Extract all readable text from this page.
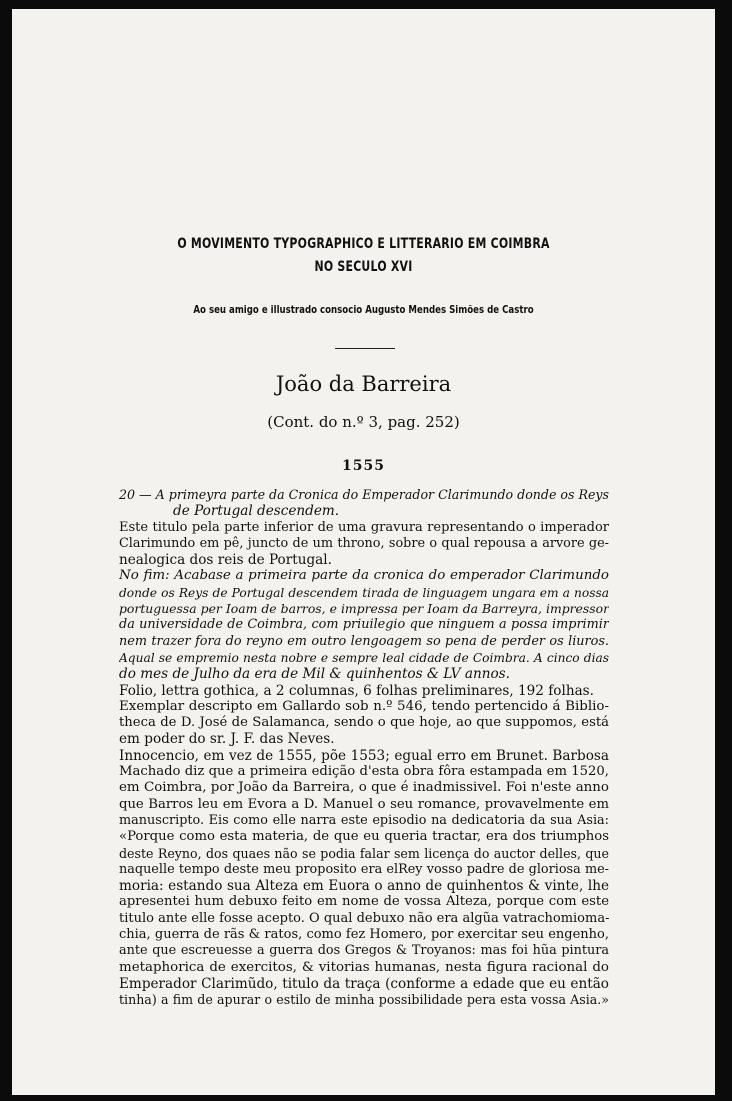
O MOVIMENTO TYPOGRAPHICO E LITTERARIO EM COIMBRA
NO SECULO XVI
Ao seu amigo e illustrado consocio Augusto Mendes Simões de Castro
João da Barreira
(Cont. do n.º 3, pag. 252)
1555
20 — A primeyra parte da Cronica do Emperador Clarimundo donde os Reys
de Portugal descendem.
Este titulo pela parte inferior de uma gravura representando o imperador
Clarimundo em pê, juncto de um throno, sobre o qual repousa a arvore ge-
nealogica dos reis de Portugal.
No fim: Acabase a primeira parte da cronica do emperador Clarimundo
donde os Reys de Portugal descendem tirada de linguagem ungara em a nossa
portuguessa per Ioam de barros, e impressa per Ioam da Barreyra, impressor
da universidade de Coimbra, com priuilegio que ninguem a possa imprimir
nem trazer fora do reyno em outro lengoagem so pena de perder os liuros.
Aqual se empremio nesta nobre e sempre leal cidade de Coimbra. A cinco dias
do mes de Julho da era de Mil & quinhentos & LV annos.
Folio, lettra gothica, a 2 columnas, 6 folhas preliminares, 192 folhas.
Exemplar descripto em Gallardo sob n.º 546, tendo pertencido á Biblio-
theca de D. José de Salamanca, sendo o que hoje, ao que suppomos, está
em poder do sr. J. F. das Neves.
Innocencio, em vez de 1555, põe 1553; egual erro em Brunet. Barbosa
Machado diz que a primeira edição d'esta obra fôra estampada em 1520,
em Coimbra, por João da Barreira, o que é inadmissivel. Foi n'este anno
que Barros leu em Evora a D. Manuel o seu romance, provavelmente em
manuscripto. Eis como elle narra este episodio na dedicatoria da sua Asia:
«Porque como esta materia, de que eu queria tractar, era dos triumphos
deste Reyno, dos quaes não se podia falar sem licença do auctor delles, que
naquelle tempo deste meu proposito era elRey vosso padre de gloriosa me-
moria: estando sua Alteza em Euora o anno de quinhentos & vinte, lhe
apresentei hum debuxo feito em nome de vossa Alteza, porque com este
titulo ante elle fosse acepto. O qual debuxo não era algũa vatrachomioma-
chia, guerra de rãs & ratos, como fez Homero, por exercitar seu engenho,
ante que escreuesse a guerra dos Gregos & Troyanos: mas foi hũa pintura
metaphorica de exercitos, & vitorias humanas, nesta figura racional do
Emperador Clarimũdo, titulo da traça (conforme a edade que eu então
tinha) a fim de apurar o estilo de minha possibilidade pera esta vossa Asia.»
